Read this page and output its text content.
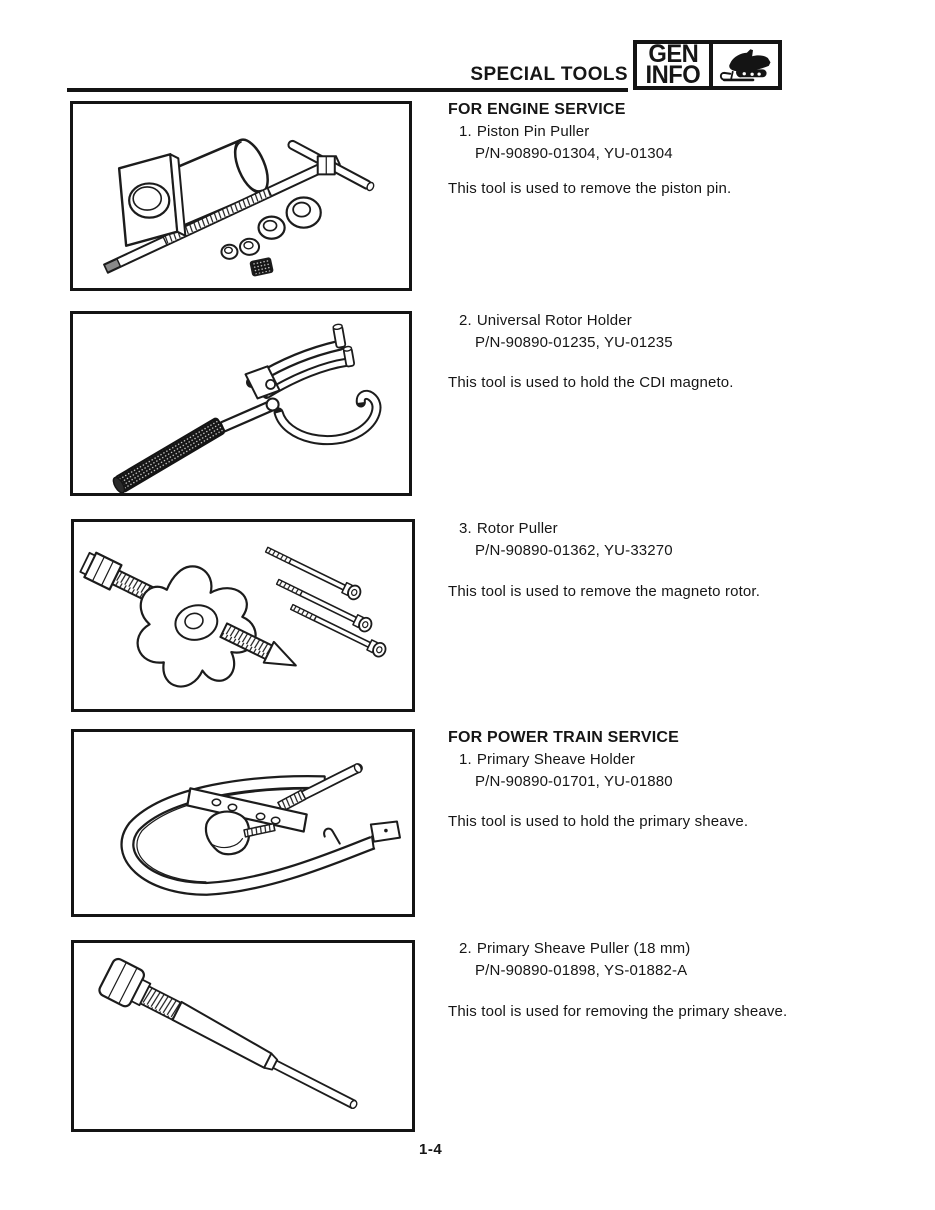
SPECIAL TOOLS
GEN
INFO
FOR ENGINE SERVICE
1. Piston Pin Puller
P/N-90890-01304, YU-01304
This tool is used to remove the piston pin.
2. Universal Rotor Holder
P/N-90890-01235, YU-01235
This tool is used to hold the CDI magneto.
3. Rotor Puller
P/N-90890-01362, YU-33270
This tool is used to remove the magneto rotor.
FOR POWER TRAIN SERVICE
1. Primary Sheave Holder
P/N-90890-01701, YU-01880
This tool is used to hold the primary sheave.
2. Primary Sheave Puller (18 mm)
P/N-90890-01898, YS-01882-A
This tool is used for removing the primary sheave.
1-4
